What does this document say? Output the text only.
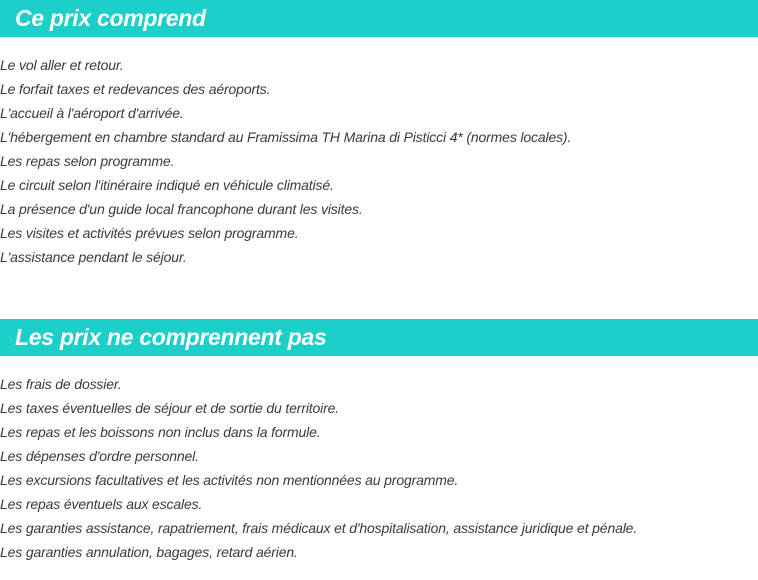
Ce prix comprend
Le vol aller et retour.
Le forfait taxes et redevances des aéroports.
L'accueil à l'aéroport d'arrivée.
L'hébergement en chambre standard au Framissima TH Marina di Pisticci 4* (normes locales).
Les repas selon programme.
Le circuit selon l'itinéraire indiqué en véhicule climatisé.
La présence d'un guide local francophone durant les visites.
Les visites et activités prévues selon programme.
L'assistance pendant le séjour.
Les prix ne comprennent pas
Les frais de dossier.
Les taxes éventuelles de séjour et de sortie du territoire.
Les repas et les boissons non inclus dans la formule.
Les dépenses d'ordre personnel.
Les excursions facultatives et les activités non mentionnées au programme.
Les repas éventuels aux escales.
Les garanties assistance, rapatriement, frais médicaux et d'hospitalisation, assistance juridique et pénale.
Les garanties annulation, bagages, retard aérien.
